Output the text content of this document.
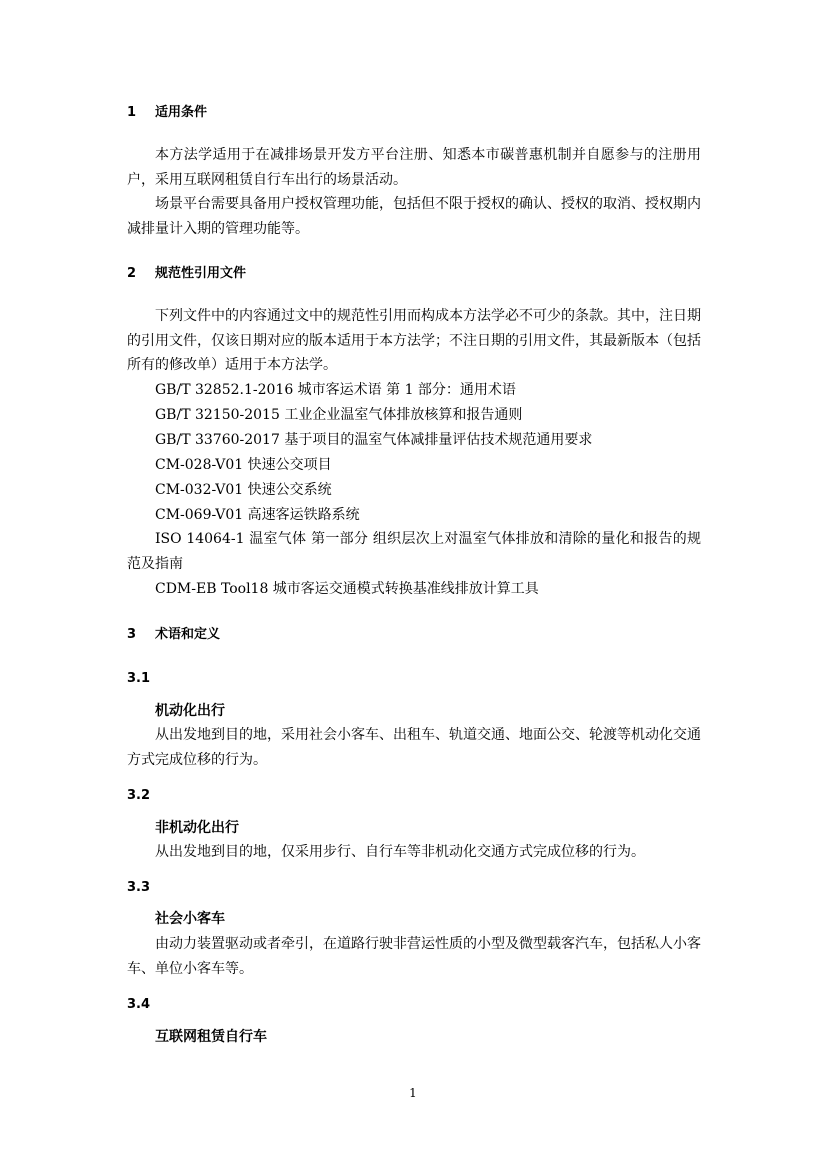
1 适用条件
本方法学适用于在减排场景开发方平台注册、知悉本市碳普惠机制并自愿参与的注册用户，采用互联网租赁自行车出行的场景活动。
场景平台需要具备用户授权管理功能，包括但不限于授权的确认、授权的取消、授权期内减排量计入期的管理功能等。
2 规范性引用文件
下列文件中的内容通过文中的规范性引用而构成本方法学必不可少的条款。其中，注日期的引用文件，仅该日期对应的版本适用于本方法学；不注日期的引用文件，其最新版本（包括所有的修改单）适用于本方法学。
GB/T 32852.1-2016 城市客运术语 第 1 部分：通用术语
GB/T 32150-2015 工业企业温室气体排放核算和报告通则
GB/T 33760-2017 基于项目的温室气体减排量评估技术规范通用要求
CM-028-V01 快速公交项目
CM-032-V01 快速公交系统
CM-069-V01 高速客运铁路系统
ISO 14064-1 温室气体 第一部分 组织层次上对温室气体排放和清除的量化和报告的规范及指南
CDM-EB Tool18 城市客运交通模式转换基准线排放计算工具
3 术语和定义
3.1
机动化出行
从出发地到目的地，采用社会小客车、出租车、轨道交通、地面公交、轮渡等机动化交通方式完成位移的行为。
3.2
非机动化出行
从出发地到目的地，仅采用步行、自行车等非机动化交通方式完成位移的行为。
3.3
社会小客车
由动力装置驱动或者牵引，在道路行驶非营运性质的小型及微型载客汽车，包括私人小客车、单位小客车等。
3.4
互联网租赁自行车
1
